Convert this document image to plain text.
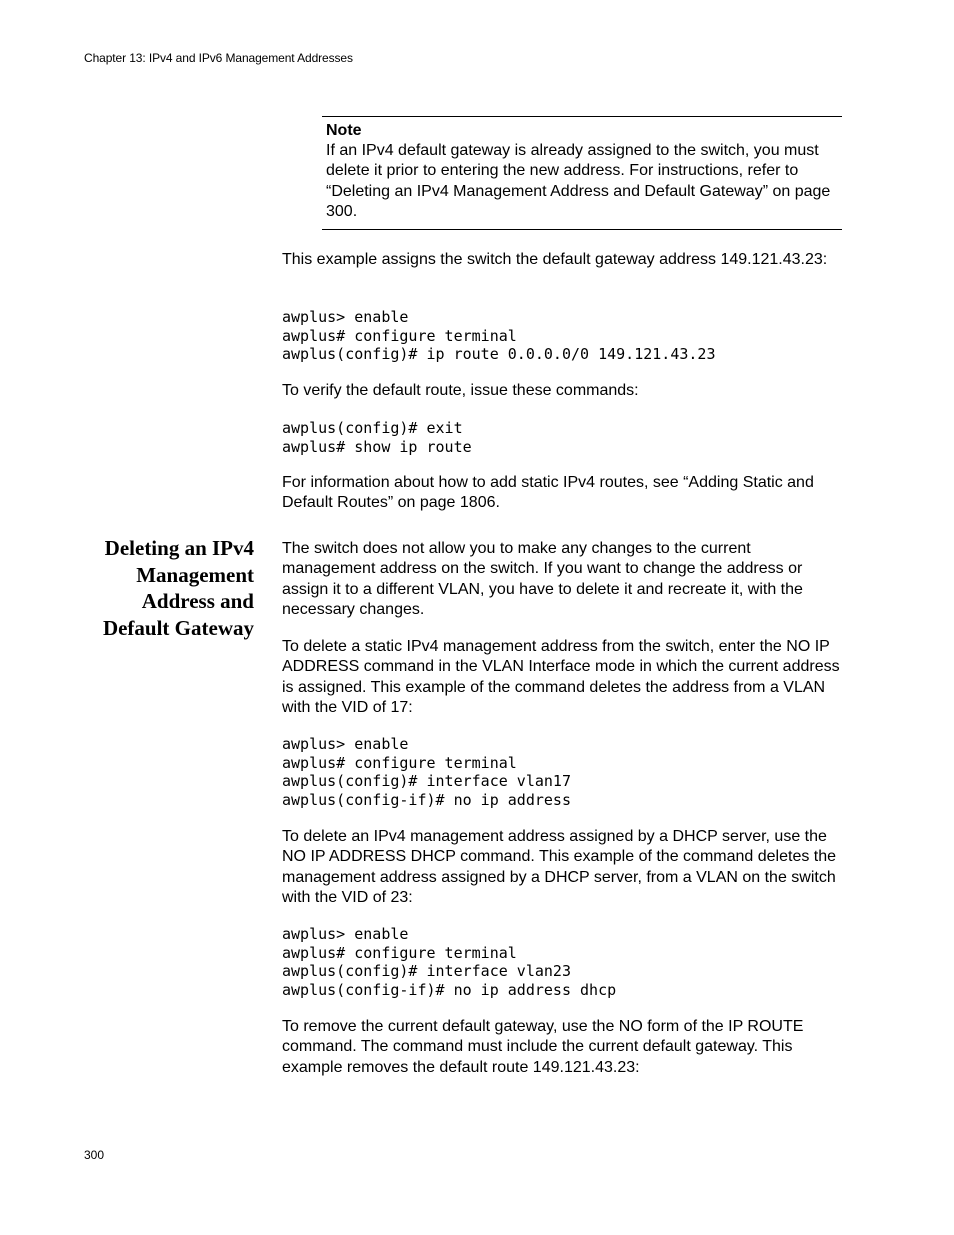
Chapter 13: IPv4 and IPv6 Management Addresses
Note

If an IPv4 default gateway is already assigned to the switch, you must delete it prior to entering the new address. For instructions, refer to “Deleting an IPv4 Management Address and Default Gateway” on page 300.

This example assigns the switch the default gateway address 149.121.43.23:

awplus> enable
awplus# configure terminal
awplus(config)# ip route 0.0.0.0/0 149.121.43.23

To verify the default route, issue these commands:

awplus(config)# exit
awplus# show ip route

For information about how to add static IPv4 routes, see “Adding Static and Default Routes” on page 1806.

Deleting an IPv4
Management
Address and
Default Gateway

The switch does not allow you to make any changes to the current management address on the switch. If you want to change the address or assign it to a different VLAN, you have to delete it and recreate it, with the necessary changes.

To delete a static IPv4 management address from the switch, enter the NO IP ADDRESS command in the VLAN Interface mode in which the current address is assigned. This example of the command deletes the address from a VLAN with the VID of 17:

awplus> enable
awplus# configure terminal
awplus(config)# interface vlan17
awplus(config-if)# no ip address

To delete an IPv4 management address assigned by a DHCP server, use the NO IP ADDRESS DHCP command. This example of the command deletes the management address assigned by a DHCP server, from a VLAN on the switch with the VID of 23:

awplus> enable
awplus# configure terminal
awplus(config)# interface vlan23
awplus(config-if)# no ip address dhcp

To remove the current default gateway, use the NO form of the IP ROUTE command. The command must include the current default gateway. This example removes the default route 149.121.43.23:

300
